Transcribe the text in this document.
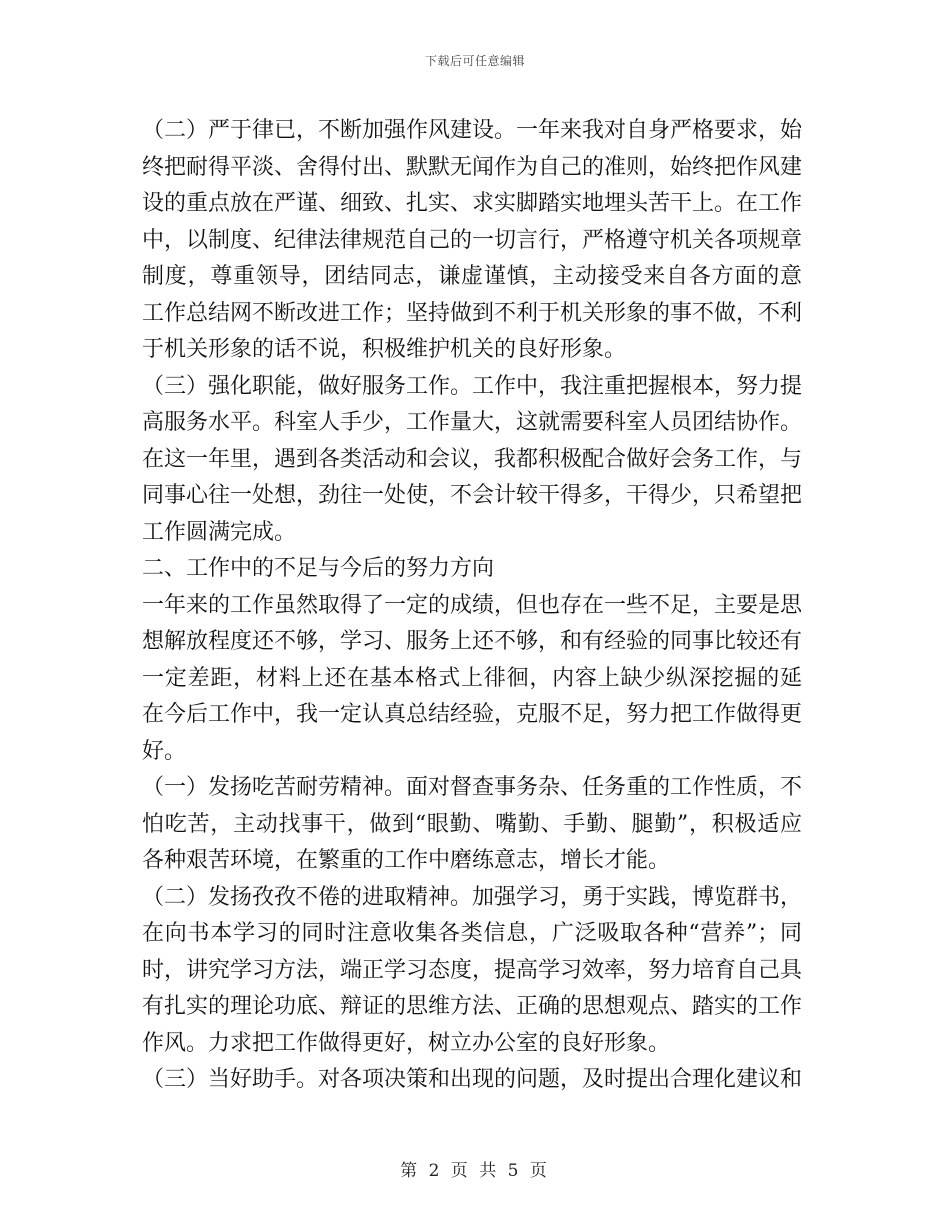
下载后可任意编辑
（二）严于律已，不断加强作风建设。一年来我对自身严格要求，始
终把耐得平淡、舍得付出、默默无闻作为自己的准则，始终把作风建
设的重点放在严谨、细致、扎实、求实脚踏实地埋头苦干上。在工作
中，以制度、纪律法律规范自己的一切言行，严格遵守机关各项规章
制度，尊重领导，团结同志，谦虚谨慎，主动接受来自各方面的意
工作总结网不断改进工作；坚持做到不利于机关形象的事不做，不利
于机关形象的话不说，积极维护机关的良好形象。
（三）强化职能，做好服务工作。工作中，我注重把握根本，努力提
高服务水平。科室人手少，工作量大，这就需要科室人员团结协作。
在这一年里，遇到各类活动和会议，我都积极配合做好会务工作，与
同事心往一处想，劲往一处使，不会计较干得多，干得少，只希望把
工作圆满完成。
二、工作中的不足与今后的努力方向
一年来的工作虽然取得了一定的成绩，但也存在一些不足，主要是思
想解放程度还不够，学习、服务上还不够，和有经验的同事比较还有
一定差距，材料上还在基本格式上徘徊，内容上缺少纵深挖掘的延
在今后工作中，我一定认真总结经验，克服不足，努力把工作做得更
好。
（一）发扬吃苦耐劳精神。面对督查事务杂、任务重的工作性质，不
怕吃苦，主动找事干，做到“眼勤、嘴勤、手勤、腿勤”，积极适应
各种艰苦环境，在繁重的工作中磨练意志，增长才能。
（二）发扬孜孜不倦的进取精神。加强学习，勇于实践，博览群书，
在向书本学习的同时注意收集各类信息，广泛吸取各种“营养”；同
时，讲究学习方法，端正学习态度，提高学习效率，努力培育自己具
有扎实的理论功底、辩证的思维方法、正确的思想观点、踏实的工作
作风。力求把工作做得更好，树立办公室的良好形象。
（三）当好助手。对各项决策和出现的问题，及时提出合理化建议和
第 2 页 共 5 页
